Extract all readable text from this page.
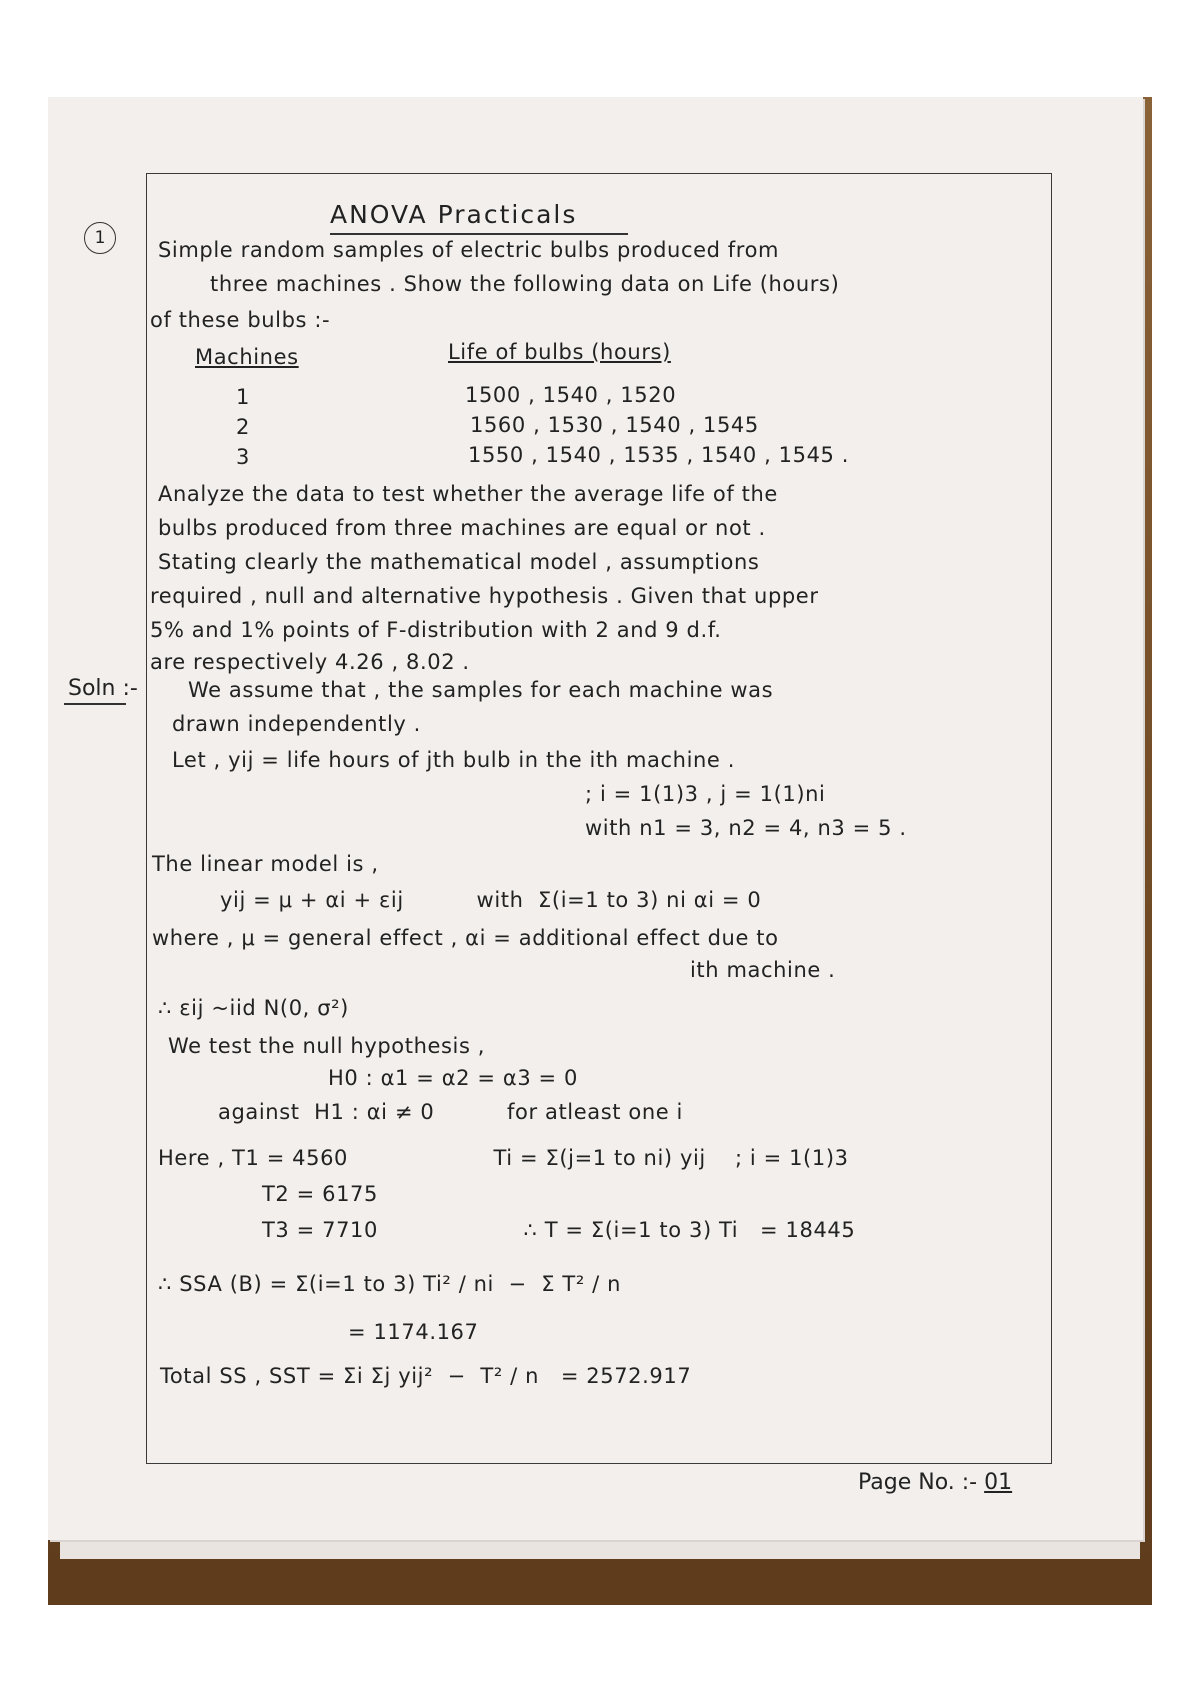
1
ANOVA Practicals

Simple random samples of electric bulbs produced from

three machines . Show the following data on Life (hours)

of these bulbs :-

Machines	Life of bulbs (hours)

1	1500 , 1540 , 1520

2	1560 , 1530 , 1540 , 1545

3	1550 , 1540 , 1535 , 1540 , 1545 .

Analyze the data to test whether the average life of the

bulbs produced from three machines are equal or not .

Stating clearly the mathematical model , assumptions

required , null and alternative hypothesis . Given that upper

5% and 1% points of F-distribution with 2 and 9 d.f.

are respectively 4.26 , 8.02 .

Soln :- We assume that , the samples for each machine was

drawn independently .

Let , yij = life hours of jth bulb in the ith machine .

; i = 1(1)3 , j = 1(1)ni

with n1 = 3, n2 = 4, n3 = 5 .

The linear model is ,

yij = μ + αi + εij          with  Σ(i=1 to 3) ni αi = 0

where , μ = general effect , αi = additional effect due to

ith machine .

∴ εij ~iid N(0, σ²)

We test the null hypothesis ,

H0 : α1 = α2 = α3 = 0

against  H1 : αi ≠ 0          for atleast one i

Here , T1 = 4560                    Ti = Σ(j=1 to ni) yij    ; i = 1(1)3

T2 = 6175

T3 = 7710                    ∴ T = Σ(i=1 to 3) Ti   = 18445

∴ SSA (B) = Σ(i=1 to 3) Ti² / ni  −  Σ T² / n

= 1174.167

Total SS , SST = Σi Σj yij²  −  T² / n   = 2572.917

Page No. :- 01
